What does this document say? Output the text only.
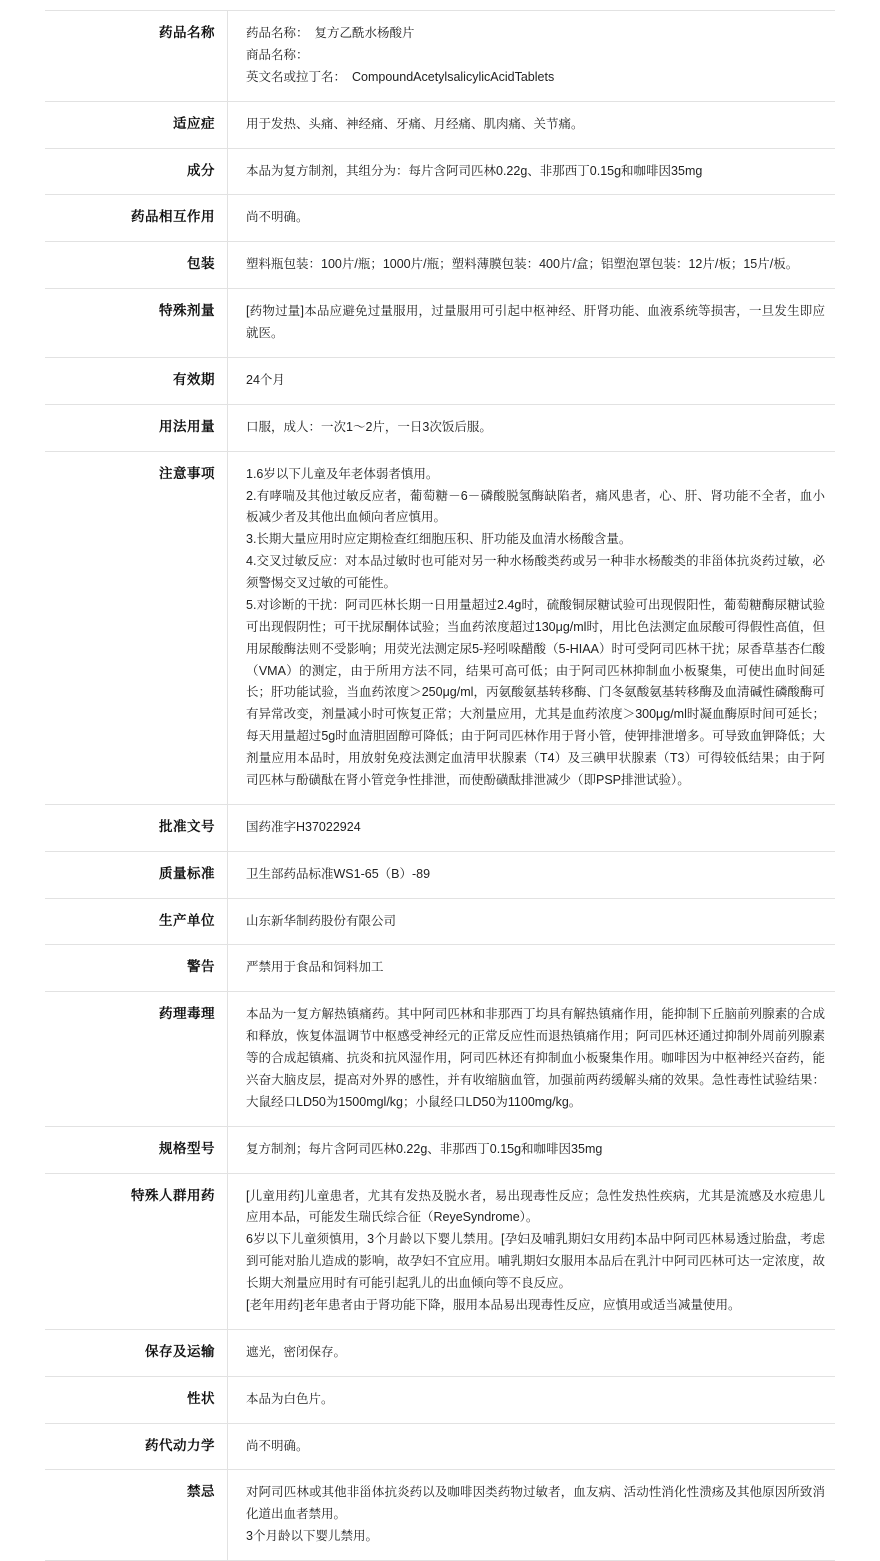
药品名称	药品名称： 复方乙酰水杨酸片
商品名称：
英文名或拉丁名： CompoundAcetylsalicylicAcidTablets

适应症	用于发热、头痛、神经痛、牙痛、月经痛、肌肉痛、关节痛。

成分	本品为复方制剂，其组分为：每片含阿司匹林0.22g、非那西丁0.15g和咖啡因35mg

药品相互作用	尚不明确。

包装	塑料瓶包装：100片/瓶；1000片/瓶；塑料薄膜包装：400片/盒；铝塑泡罩包装：12片/板；15片/板。

特殊剂量	[药物过量]本品应避免过量服用，过量服用可引起中枢神经、肝肾功能、血液系统等损害，一旦发生即应就医。

有效期	24个月

用法用量	口服，成人：一次1～2片，一日3次饭后服。

注意事项	1.6岁以下儿童及年老体弱者慎用。
2.有哮喘及其他过敏反应者，葡萄糖－6－磷酸脱氢酶缺陷者，痛风患者，心、肝、肾功能不全者，血小板减少者及其他出血倾向者应慎用。
3.长期大量应用时应定期检查红细胞压积、肝功能及血清水杨酸含量。
4.交叉过敏反应：对本品过敏时也可能对另一种水杨酸类药或另一种非水杨酸类的非甾体抗炎药过敏，必须警惕交叉过敏的可能性。
5.对诊断的干扰：阿司匹林长期一日用量超过2.4g时，硫酸铜尿糖试验可出现假阳性，葡萄糖酶尿糖试验可出现假阴性；可干扰尿酮体试验；当血药浓度超过130μg/ml时，用比色法测定血尿酸可得假性高值，但用尿酸酶法则不受影响；用荧光法测定尿5-羟吲哚醋酸（5-HIAA）时可受阿司匹林干扰；尿香草基杏仁酸（VMA）的测定，由于所用方法不同，结果可高可低；由于阿司匹林抑制血小板聚集，可使出血时间延长；肝功能试验，当血药浓度＞250μg/ml，丙氨酸氨基转移酶、门冬氨酸氨基转移酶及血清碱性磷酸酶可有异常改变，剂量减小时可恢复正常；大剂量应用，尤其是血药浓度＞300μg/ml时凝血酶原时间可延长；每天用量超过5g时血清胆固醇可降低；由于阿司匹林作用于肾小管，使钾排泄增多。可导致血钾降低；大剂量应用本品时，用放射免疫法测定血清甲状腺素（T4）及三碘甲状腺素（T3）可得较低结果；由于阿司匹林与酚磺酞在肾小管竞争性排泄，而使酚磺酞排泄减少（即PSP排泄试验）。

批准文号	国药准字H37022924

质量标准	卫生部药品标准WS1-65（B）-89

生产单位	山东新华制药股份有限公司

警告	严禁用于食品和饲料加工

药理毒理	本品为一复方解热镇痛药。其中阿司匹林和非那西丁均具有解热镇痛作用，能抑制下丘脑前列腺素的合成和释放，恢复体温调节中枢感受神经元的正常反应性而退热镇痛作用；阿司匹林还通过抑制外周前列腺素等的合成起镇痛、抗炎和抗风湿作用，阿司匹林还有抑制血小板聚集作用。咖啡因为中枢神经兴奋药，能兴奋大脑皮层，提高对外界的感性，并有收缩脑血管，加强前两药缓解头痛的效果。急性毒性试验结果：大鼠经口LD50为1500mgl/kg；小鼠经口LD50为1100mg/kg。

规格型号	复方制剂；每片含阿司匹林0.22g、非那西丁0.15g和咖啡因35mg

特殊人群用药	[儿童用药]儿童患者，尤其有发热及脱水者，易出现毒性反应；急性发热性疾病，尤其是流感及水痘患儿应用本品，可能发生瑞氏综合征（ReyeSyndrome）。
6岁以下儿童须慎用，3个月龄以下婴儿禁用。[孕妇及哺乳期妇女用药]本品中阿司匹林易透过胎盘，考虑到可能对胎儿造成的影响，故孕妇不宜应用。哺乳期妇女服用本品后在乳汁中阿司匹林可达一定浓度，故长期大剂量应用时有可能引起乳儿的出血倾向等不良反应。
[老年用药]老年患者由于肾功能下降，服用本品易出现毒性反应，应慎用或适当减量使用。

保存及运输	遮光，密闭保存。

性状	本品为白色片。

药代动力学	尚不明确。

禁忌	对阿司匹林或其他非甾体抗炎药以及咖啡因类药物过敏者，血友病、活动性消化性溃疡及其他原因所致消化道出血者禁用。
3个月龄以下婴儿禁用。
